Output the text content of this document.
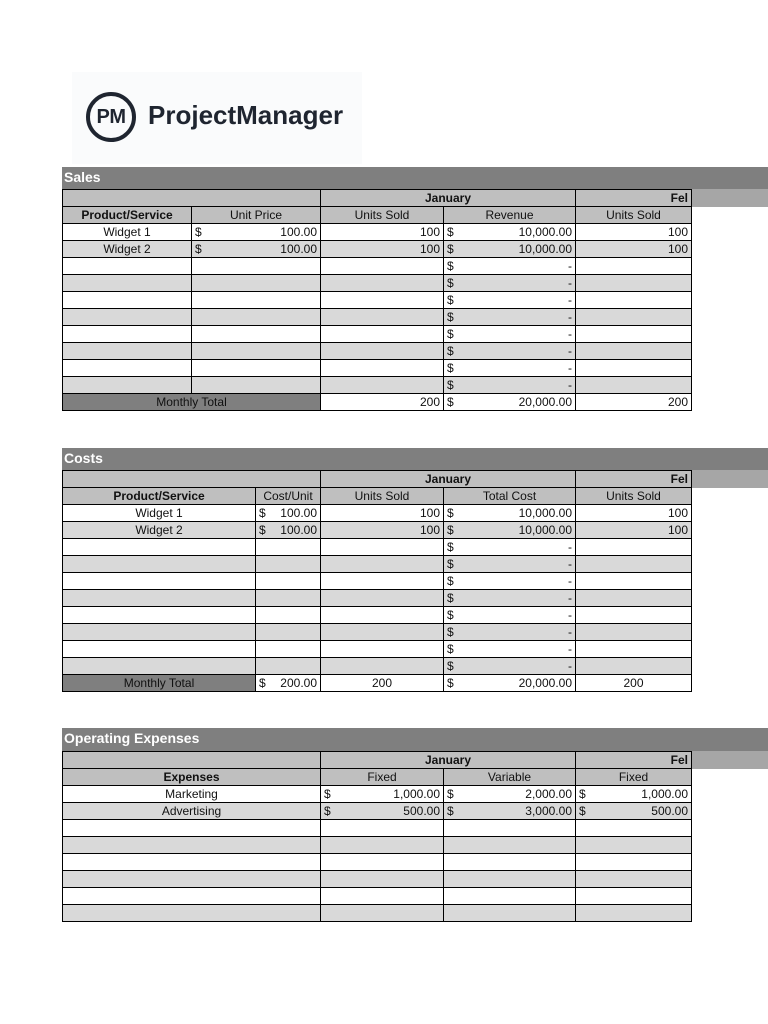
PM ProjectManager
Sales
		January		Fel
Product/Service	Unit Price	Units Sold	Revenue	Units Sold
Widget 1	$ 100.00	100	$ 10,000.00	100
Widget 2	$ 100.00	100	$ 10,000.00	100

			$ -	

			$ -	

			$ -	

			$ -	

			$ -	

			$ -	

			$ -	

			$ -	

Monthly Total		200	$ 20,000.00	200
Costs
		January		Fel
Product/Service	Cost/Unit	Units Sold	Total Cost	Units Sold
Widget 1	$ 100.00	100	$ 10,000.00	100
Widget 2	$ 100.00	100	$ 10,000.00	100

			$ -	

			$ -	

			$ -	

			$ -	

			$ -	

			$ -	

			$ -	

			$ -	

Monthly Total	$ 200.00	200	$ 20,000.00	200
Operating Expenses
	January		Fel
Expenses	Fixed	Variable	Fixed
Marketing	$ 1,000.00	$ 2,000.00	$ 1,000.00

Advertising	$ 500.00	$ 3,000.00	$ 500.00
